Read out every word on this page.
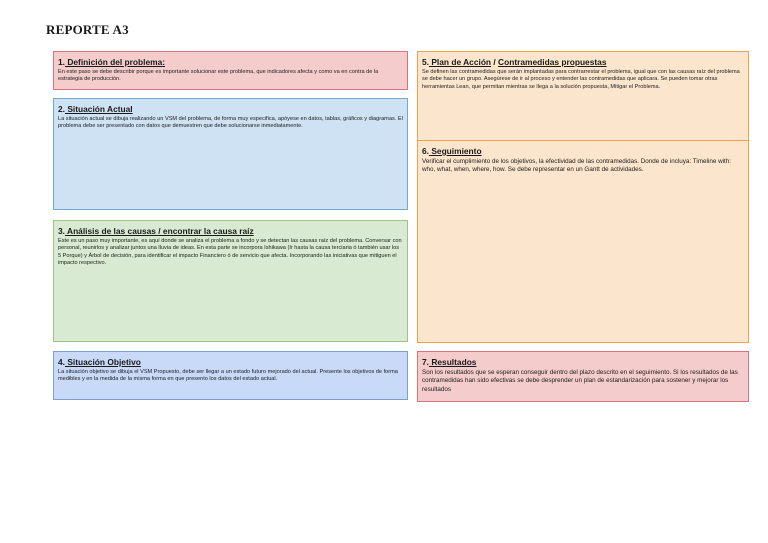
REPORTE A3
1. Definición del problema:

En este paso se debe describir porque es importante solucionar este problema, que indicadores afecta y como va en contra de la estrategia de producción.

2. Situación Actual

La situación actual se dibuja realizando un VSM del problema, de forma muy especifica, apóyese en datos, tablas, gráficos y diagramas. El problema debe ser presentado con datos que demuestren que debe solucionarse inmediatamente.

3. Análisis de las causas / encontrar la causa raíz

Este es un paso muy importante, es aquí donde se analiza el problema a fondo y se detectan las causas raíz del problema. Conversar con personal, reunirlos y analizar juntos una lluvia de ideas. En esta parte se incorpora Ishikawa (Ir hasta la causa terciaria ó también usar los 5 Porque) y Árbol de decisión, para identificar el impacto Financiero ó de servicio que afecta. Incorporando las iniciativas que mitiguen el impacto respectivo.

4. Situación Objetivo

La situación objetivo se dibuja el VSM Propuesto, debe ser llegar a un estado futuro mejorado del actual. Presente los objetivos de forma medibles y en la medida de la misma forma en que presento los datos del estado actual.

5. Plan de Acción / Contramedidas propuestas

Se definen las contramedidas que serán implantadas para contrarrestar el problema, igual que con las causas raíz del problema se debe hacer un grupo. Asegúrese de ir al proceso y entender las contramedidas que aplicara. Se pueden tomar otras herramientas Lean, que permitan mientras se llega a la solución propuesta, Mitigar el Problema.

6. Seguimiento

Verificar el cumplimiento de los objetivos, la efectividad de las contramedidas. Donde de incluya: Timeline with: who, what, when, where, how. Se debe representar en un Gantt de actividades.

7. Resultados

Son los resultados que se esperan conseguir dentro del plazo descrito en el seguimiento. Si los resultados de las contramedidas han sido efectivas se debe desprender un plan de estandarización para sostener y mejorar los resultados
